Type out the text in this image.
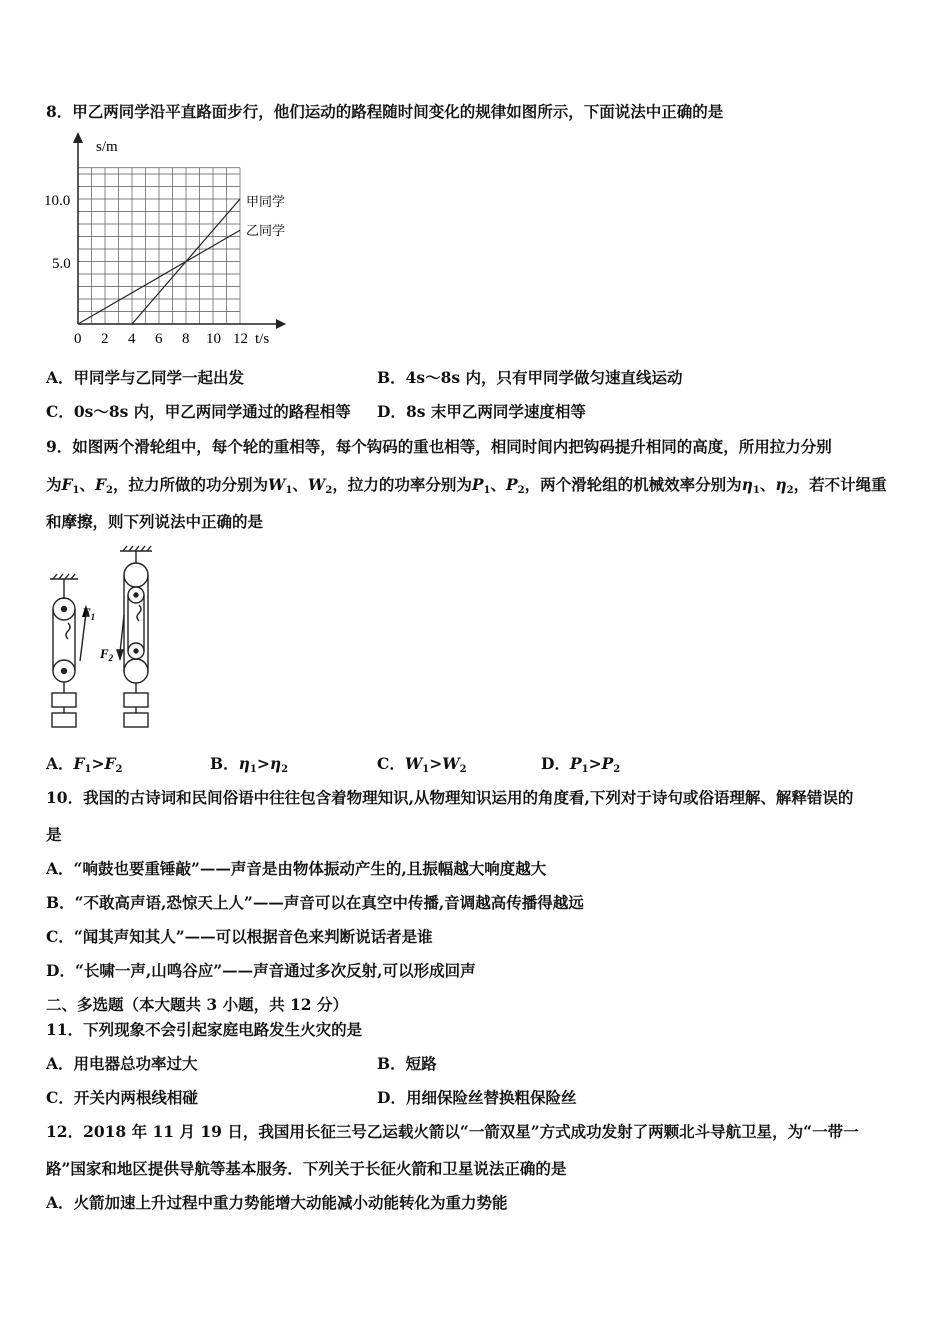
8．甲乙两同学沿平直路面步行，他们运动的路程随时间变化的规律如图所示，下面说法中正确的是
s/m
t/s
10.0
5.0
0 2 4 6 8 10 12
甲同学
乙同学
A．甲同学与乙同学一起出发	B．4s～8s 内，只有甲同学做匀速直线运动
C．0s～8s 内，甲乙两同学通过的路程相等 D．8s 末甲乙两同学速度相等
9．如图两个滑轮组中，每个轮的重相等，每个钩码的重也相等，相同时间内把钩码提升相同的高度，所用拉力分别
为$F_1$、$F_2$，拉力所做的功分别为$W_1$、$W_2$，拉力的功率分别为$P_1$、$P_2$，两个滑轮组的机械效率分别为$\eta_1$、$\eta_2$，若不计绳重
和摩擦，则下列说法中正确的是
$F_1$
$F_2$
A．$F_1>F_2$	B．$\eta_1>\eta_2$	C．$W_1>W_2$	D．$P_1>P_2$
10．我国的古诗词和民间俗语中往往包含着物理知识,从物理知识运用的角度看,下列对于诗句或俗语理解、解释错误的
是
A．“响鼓也要重锤敲”——声音是由物体振动产生的,且振幅越大响度越大
B．“不敢高声语,恐惊天上人”——声音可以在真空中传播,音调越高传播得越远
C．“闻其声知其人”——可以根据音色来判断说话者是谁
D．“长啸一声,山鸣谷应”——声音通过多次反射,可以形成回声
二、多选题（本大题共 3 小题，共 12 分）
11．下列现象不会引起家庭电路发生火灾的是
A．用电器总功率过大	B．短路
C．开关内两根线相碰	D．用细保险丝替换粗保险丝
12．2018 年 11 月 19 日，我国用长征三号乙运载火箭以“一箭双星”方式成功发射了两颗北斗导航卫星，为“一带一
路”国家和地区提供导航等基本服务．下列关于长征火箭和卫星说法正确的是
A．火箭加速上升过程中重力势能增大动能减小动能转化为重力势能
